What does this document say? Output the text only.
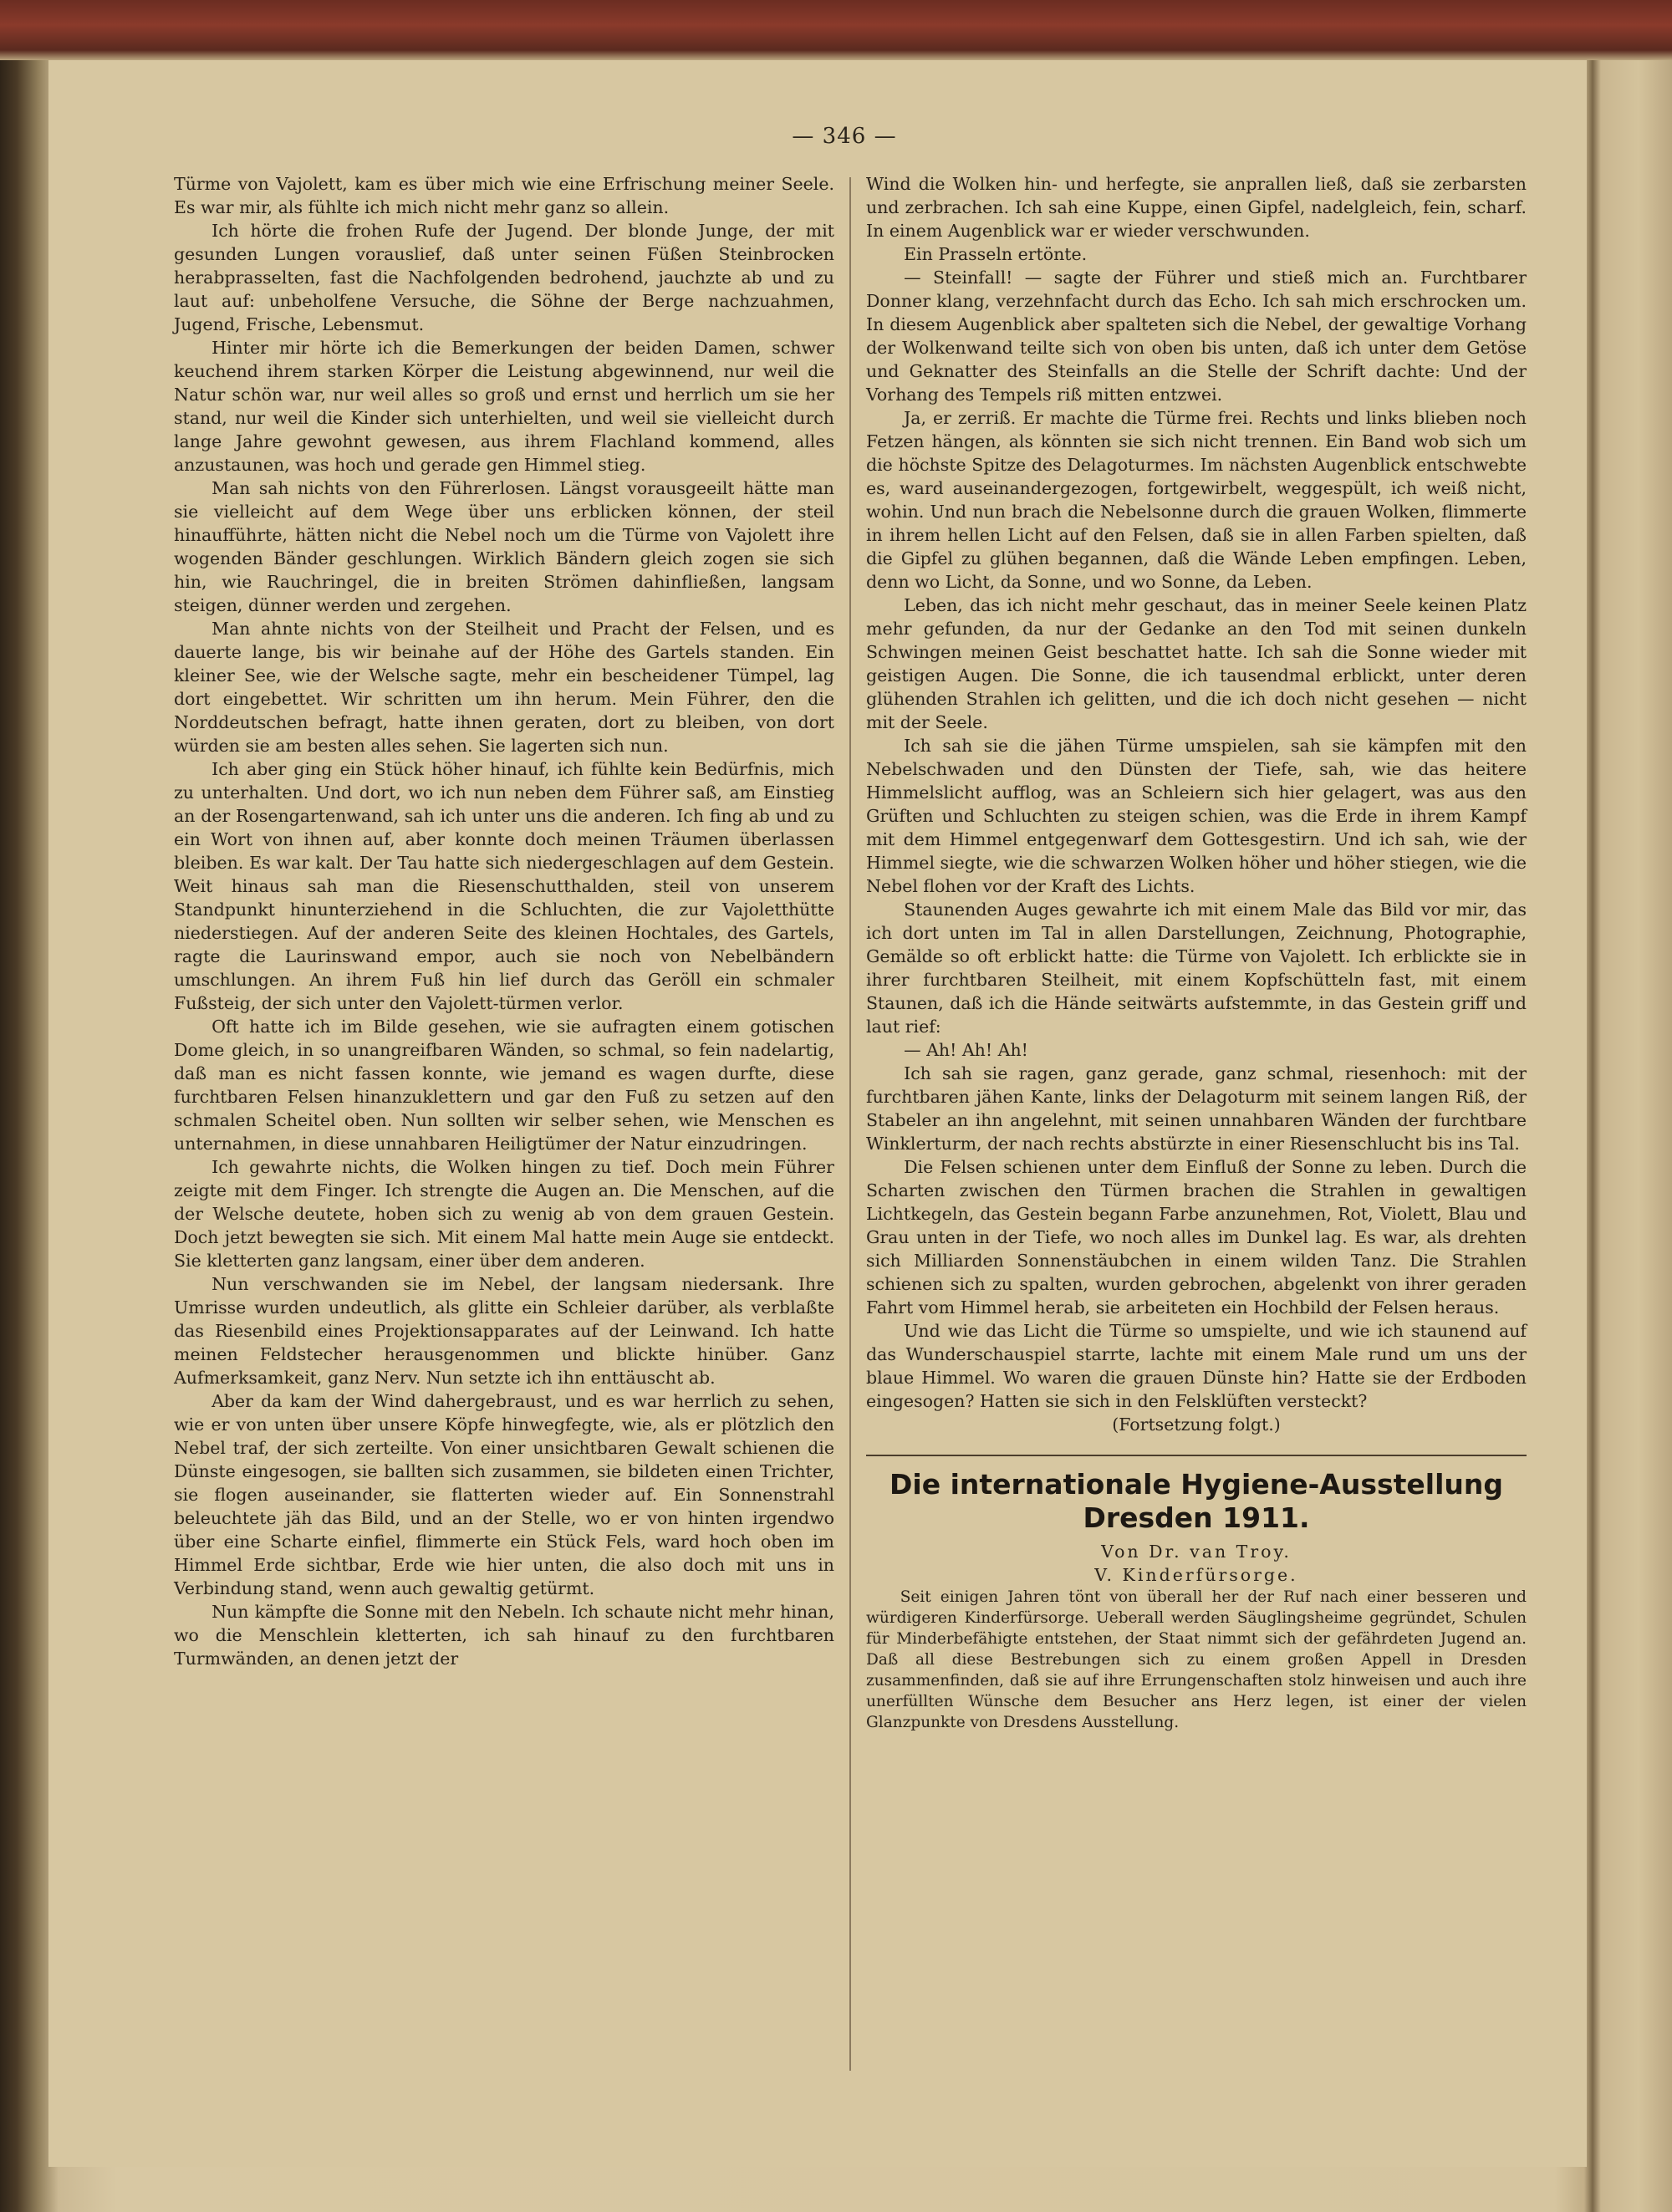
— 346 —

Türme von Vajolett, kam es über mich wie eine Erfrischung meiner Seele. Es war mir, als fühlte ich mich nicht mehr ganz so allein.

Ich hörte die frohen Rufe der Jugend. Der blonde Junge, der mit gesunden Lungen vorauslief, daß unter seinen Füßen Steinbrocken herabprasselten, fast die Nachfolgenden bedrohend, jauchzte ab und zu laut auf: unbeholfene Versuche, die Söhne der Berge nachzuahmen, Jugend, Frische, Lebensmut.

Hinter mir hörte ich die Bemerkungen der beiden Damen, schwer keuchend ihrem starken Körper die Leistung abgewinnend, nur weil die Natur schön war, nur weil alles so groß und ernst und herrlich um sie her stand, nur weil die Kinder sich unterhielten, und weil sie vielleicht durch lange Jahre gewohnt gewesen, aus ihrem Flachland kommend, alles anzustaunen, was hoch und gerade gen Himmel stieg.

Man sah nichts von den Führerlosen. Längst vorausgeeilt hätte man sie vielleicht auf dem Wege über uns erblicken können, der steil hinaufführte, hätten nicht die Nebel noch um die Türme von Vajolett ihre wogenden Bänder geschlungen. Wirklich Bändern gleich zogen sie sich hin, wie Rauchringel, die in breiten Strömen dahinfließen, langsam steigen, dünner werden und zergehen.

Man ahnte nichts von der Steilheit und Pracht der Felsen, und es dauerte lange, bis wir beinahe auf der Höhe des Gartels standen. Ein kleiner See, wie der Welsche sagte, mehr ein bescheidener Tümpel, lag dort eingebettet. Wir schritten um ihn herum. Mein Führer, den die Norddeutschen befragt, hatte ihnen geraten, dort zu bleiben, von dort würden sie am besten alles sehen. Sie lagerten sich nun.

Ich aber ging ein Stück höher hinauf, ich fühlte kein Bedürfnis, mich zu unterhalten. Und dort, wo ich nun neben dem Führer saß, am Einstieg an der Rosengartenwand, sah ich unter uns die anderen. Ich fing ab und zu ein Wort von ihnen auf, aber konnte doch meinen Träumen überlassen bleiben. Es war kalt. Der Tau hatte sich niedergeschlagen auf dem Gestein. Weit hinaus sah man die Riesenschutthalden, steil von unserem Standpunkt hinunterziehend in die Schluchten, die zur Vajoletthütte niederstiegen. Auf der anderen Seite des kleinen Hochtales, des Gartels, ragte die Laurinswand empor, auch sie noch von Nebelbändern umschlungen. An ihrem Fuß hin lief durch das Geröll ein schmaler Fußsteig, der sich unter den Vajolett-türmen verlor.

Oft hatte ich im Bilde gesehen, wie sie aufragten einem gotischen Dome gleich, in so unangreifbaren Wänden, so schmal, so fein nadelartig, daß man es nicht fassen konnte, wie jemand es wagen durfte, diese furchtbaren Felsen hinanzuklettern und gar den Fuß zu setzen auf den schmalen Scheitel oben. Nun sollten wir selber sehen, wie Menschen es unternahmen, in diese unnahbaren Heiligtümer der Natur einzudringen.

Ich gewahrte nichts, die Wolken hingen zu tief. Doch mein Führer zeigte mit dem Finger. Ich strengte die Augen an. Die Menschen, auf die der Welsche deutete, hoben sich zu wenig ab von dem grauen Gestein. Doch jetzt bewegten sie sich. Mit einem Mal hatte mein Auge sie entdeckt. Sie kletterten ganz langsam, einer über dem anderen.

Nun verschwanden sie im Nebel, der langsam niedersank. Ihre Umrisse wurden undeutlich, als glitte ein Schleier darüber, als verblaßte das Riesenbild eines Projektionsapparates auf der Leinwand. Ich hatte meinen Feldstecher herausgenommen und blickte hinüber. Ganz Aufmerksamkeit, ganz Nerv. Nun setzte ich ihn enttäuscht ab.

Aber da kam der Wind dahergebraust, und es war herrlich zu sehen, wie er von unten über unsere Köpfe hinwegfegte, wie, als er plötzlich den Nebel traf, der sich zerteilte. Von einer unsichtbaren Gewalt schienen die Dünste eingesogen, sie ballten sich zusammen, sie bildeten einen Trichter, sie flogen auseinander, sie flatterten wieder auf. Ein Sonnenstrahl beleuchtete jäh das Bild, und an der Stelle, wo er von hinten irgendwo über eine Scharte einfiel, flimmerte ein Stück Fels, ward hoch oben im Himmel Erde sichtbar, Erde wie hier unten, die also doch mit uns in Verbindung stand, wenn auch gewaltig getürmt.

Nun kämpfte die Sonne mit den Nebeln. Ich schaute nicht mehr hinan, wo die Menschlein kletterten, ich sah hinauf zu den furchtbaren Turmwänden, an denen jetzt der

Wind die Wolken hin- und herfegte, sie anprallen ließ, daß sie zerbarsten und zerbrachen. Ich sah eine Kuppe, einen Gipfel, nadelgleich, fein, scharf. In einem Augenblick war er wieder verschwunden.

Ein Prasseln ertönte.

— Steinfall! — sagte der Führer und stieß mich an. Furchtbarer Donner klang, verzehnfacht durch das Echo. Ich sah mich erschrocken um. In diesem Augenblick aber spalteten sich die Nebel, der gewaltige Vorhang der Wolkenwand teilte sich von oben bis unten, daß ich unter dem Getöse und Geknatter des Steinfalls an die Stelle der Schrift dachte: Und der Vorhang des Tempels riß mitten entzwei.

Ja, er zerriß. Er machte die Türme frei. Rechts und links blieben noch Fetzen hängen, als könnten sie sich nicht trennen. Ein Band wob sich um die höchste Spitze des Delagoturmes. Im nächsten Augenblick entschwebte es, ward auseinandergezogen, fortgewirbelt, weggespült, ich weiß nicht, wohin. Und nun brach die Nebelsonne durch die grauen Wolken, flimmerte in ihrem hellen Licht auf den Felsen, daß sie in allen Farben spielten, daß die Gipfel zu glühen begannen, daß die Wände Leben empfingen. Leben, denn wo Licht, da Sonne, und wo Sonne, da Leben.

Leben, das ich nicht mehr geschaut, das in meiner Seele keinen Platz mehr gefunden, da nur der Gedanke an den Tod mit seinen dunkeln Schwingen meinen Geist beschattet hatte. Ich sah die Sonne wieder mit geistigen Augen. Die Sonne, die ich tausendmal erblickt, unter deren glühenden Strahlen ich gelitten, und die ich doch nicht gesehen — nicht mit der Seele.

Ich sah sie die jähen Türme umspielen, sah sie kämpfen mit den Nebelschwaden und den Dünsten der Tiefe, sah, wie das heitere Himmelslicht aufflog, was an Schleiern sich hier gelagert, was aus den Grüften und Schluchten zu steigen schien, was die Erde in ihrem Kampf mit dem Himmel entgegenwarf dem Gottesgestirn. Und ich sah, wie der Himmel siegte, wie die schwarzen Wolken höher und höher stiegen, wie die Nebel flohen vor der Kraft des Lichts.

Staunenden Auges gewahrte ich mit einem Male das Bild vor mir, das ich dort unten im Tal in allen Darstellungen, Zeichnung, Photographie, Gemälde so oft erblickt hatte: die Türme von Vajolett. Ich erblickte sie in ihrer furchtbaren Steilheit, mit einem Kopfschütteln fast, mit einem Staunen, daß ich die Hände seitwärts aufstemmte, in das Gestein griff und laut rief:

— Ah! Ah! Ah!

Ich sah sie ragen, ganz gerade, ganz schmal, riesenhoch: mit der furchtbaren jähen Kante, links der Delagoturm mit seinem langen Riß, der Stabeler an ihn angelehnt, mit seinen unnahbaren Wänden der furchtbare Winklerturm, der nach rechts abstürzte in einer Riesenschlucht bis ins Tal.

Die Felsen schienen unter dem Einfluß der Sonne zu leben. Durch die Scharten zwischen den Türmen brachen die Strahlen in gewaltigen Lichtkegeln, das Gestein begann Farbe anzunehmen, Rot, Violett, Blau und Grau unten in der Tiefe, wo noch alles im Dunkel lag. Es war, als drehten sich Milliarden Sonnenstäubchen in einem wilden Tanz. Die Strahlen schienen sich zu spalten, wurden gebrochen, abgelenkt von ihrer geraden Fahrt vom Himmel herab, sie arbeiteten ein Hochbild der Felsen heraus.

Und wie das Licht die Türme so umspielte, und wie ich staunend auf das Wunderschauspiel starrte, lachte mit einem Male rund um uns der blaue Himmel. Wo waren die grauen Dünste hin? Hatte sie der Erdboden eingesogen? Hatten sie sich in den Felsklüften versteckt?

(Fortsetzung folgt.)

Die internationale Hygiene-Ausstellung Dresden 1911.

Von Dr. van Troy.

V. Kinderfürsorge.

Seit einigen Jahren tönt von überall her der Ruf nach einer besseren und würdigeren Kinderfürsorge. Ueberall werden Säuglingsheime gegründet, Schulen für Minderbefähigte entstehen, der Staat nimmt sich der gefährdeten Jugend an. Daß all diese Bestrebungen sich zu einem großen Appell in Dresden zusammenfinden, daß sie auf ihre Errungenschaften stolz hinweisen und auch ihre unerfüllten Wünsche dem Besucher ans Herz legen, ist einer der vielen Glanzpunkte von Dresdens Ausstellung.
